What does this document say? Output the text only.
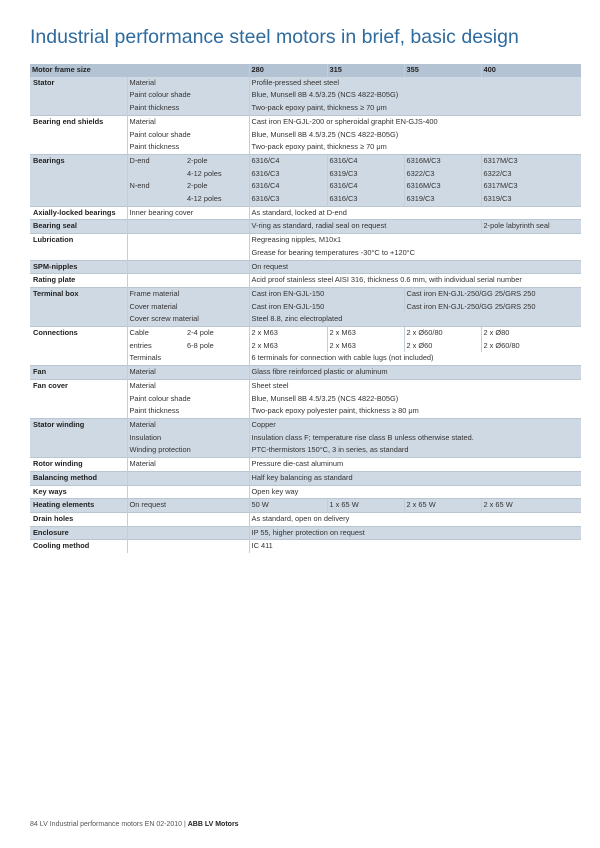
Industrial performance steel motors in brief, basic design
Motor frame size			280	315	355	400
Stator	Material		Profile-pressed sheet steel			
	Paint colour shade		Blue, Munsell 8B 4.5/3.25 (NCS 4822-B05G)			
	Paint thickness		Two-pack epoxy paint, thickness ≥ 70 μm			
Bearing end shields	Material		Cast iron EN-GJL-200 or spheroidal graphit EN-GJS-400			
	Paint colour shade		Blue, Munsell 8B 4.5/3.25 (NCS 4822-B05G)			
	Paint thickness		Two-pack epoxy paint, thickness ≥ 70 μm			
Bearings	D-end	2-pole	6316/C4	6316/C4	6316M/C3	6317M/C3
		4-12 poles	6316/C3	6319/C3	6322/C3	6322/C3
	N-end	2-pole	6316/C4	6316/C4	6316M/C3	6317M/C3
		4-12 poles	6316/C3	6316/C3	6319/C3	6319/C3
Axially-locked bearings	Inner bearing cover		As standard, locked at D-end			
Bearing seal			V-ring as standard, radial seal on request			2-pole labyrinth seal
Lubrication			Regreasing nipples, M10x1			
			Grease for bearing temperatures -30°C to +120°C			
SPM-nipples			On request			
Rating plate			Acid proof stainless steel AISI 316, thickness 0.6 mm, with individual serial number			
Terminal box	Frame material		Cast iron EN-GJL-150		Cast iron EN-GJL-250/GG 25/GRS 250	
	Cover material		Cast iron EN-GJL-150		Cast iron EN-GJL-250/GG 25/GRS 250	
	Cover screw material		Steel 8.8, zinc electroplated			
Connections	Cable	2-4 pole	2 x M63	2 x M63	2 x Ø60/80	2 x Ø80
	entries	6-8 pole	2 x M63	2 x M63	2 x Ø60	2 x Ø60/80
	Terminals		6 terminals for connection with cable lugs (not included)			
Fan	Material		Glass fibre reinforced plastic or aluminum			
Fan cover	Material		Sheet steel			
	Paint colour shade		Blue, Munsell 8B 4.5/3.25 (NCS 4822-B05G)			
	Paint thickness		Two-pack epoxy polyester paint, thickness ≥ 80 μm			
Stator winding	Material		Copper			
	Insulation		Insulation class F; temperature rise class B unless otherwise stated.			
	Winding protection		PTC-thermistors 150°C, 3 in series, as standard			
Rotor winding	Material		Pressure die-cast aluminum			
Balancing method			Half key balancing as standard			
Key ways			Open key way			
Heating elements	On request		50 W	1 x 65 W	2 x 65 W	2 x 65 W
Drain holes			As standard, open on delivery			
Enclosure			IP 55, higher protection on request			
Cooling method			IC 411			
84 LV Industrial performance motors EN 02-2010 | ABB LV Motors
